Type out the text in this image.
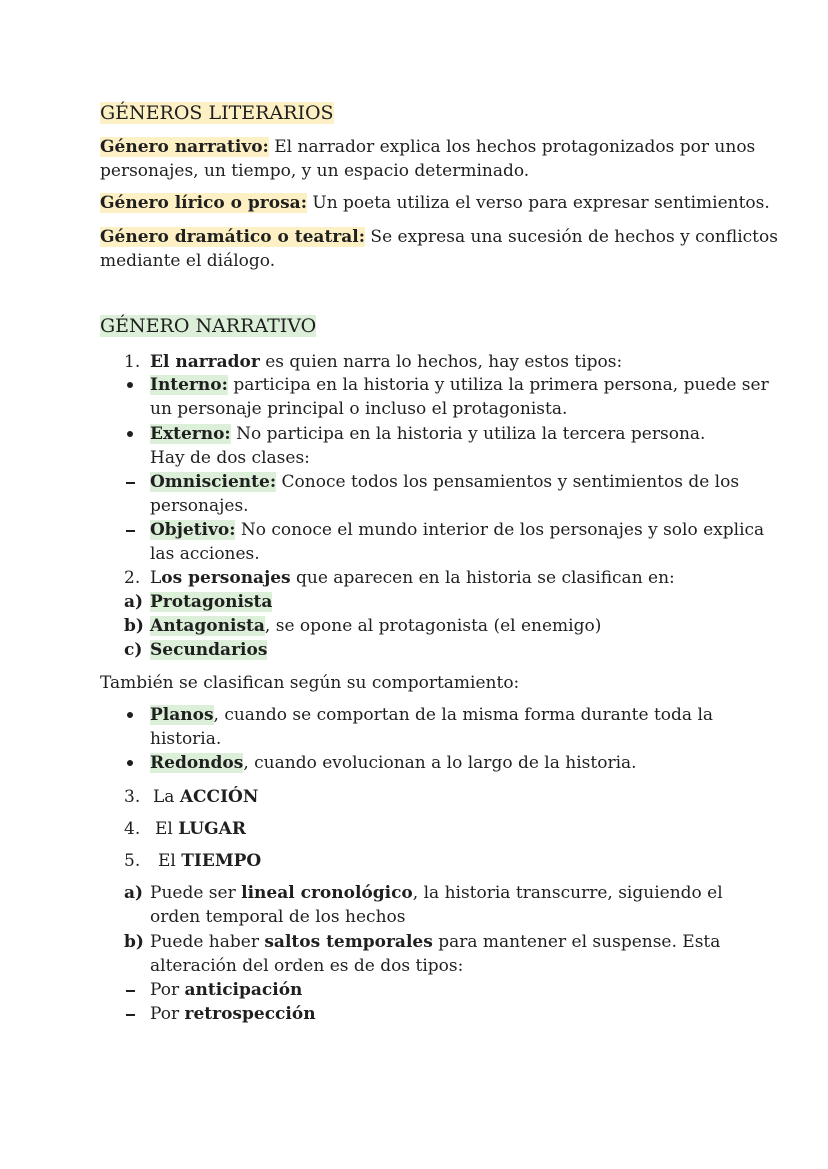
GÉNEROS LITERARIOS
Género narrativo: El narrador explica los hechos protagonizados por unos
personajes, un tiempo, y un espacio determinado.
Género lírico o prosa: Un poeta utiliza el verso para expresar sentimientos.
Género dramático o teatral: Se expresa una sucesión de hechos y conflictos
mediante el diálogo.
GÉNERO NARRATIVO
1. El narrador es quien narra lo hechos, hay estos tipos:
Interno: participa en la historia y utiliza la primera persona, puede ser
un personaje principal o incluso el protagonista.
Externo: No participa en la historia y utiliza la tercera persona.
Hay de dos clases:
Omnisciente: Conoce todos los pensamientos y sentimientos de los
personajes.
Objetivo: No conoce el mundo interior de los personajes y solo explica
las acciones.
2. Los personajes que aparecen en la historia se clasifican en:
a) Protagonista
b) Antagonista, se opone al protagonista (el enemigo)
c) Secundarios
También se clasifican según su comportamiento:
Planos, cuando se comportan de la misma forma durante toda la
historia.
Redondos, cuando evolucionan a lo largo de la historia.
3. La ACCIÓN
4. El LUGAR
5. El TIEMPO
a) Puede ser lineal cronológico, la historia transcurre, siguiendo el
orden temporal de los hechos
b) Puede haber saltos temporales para mantener el suspense. Esta
alteración del orden es de dos tipos:
Por anticipación
Por retrospección
